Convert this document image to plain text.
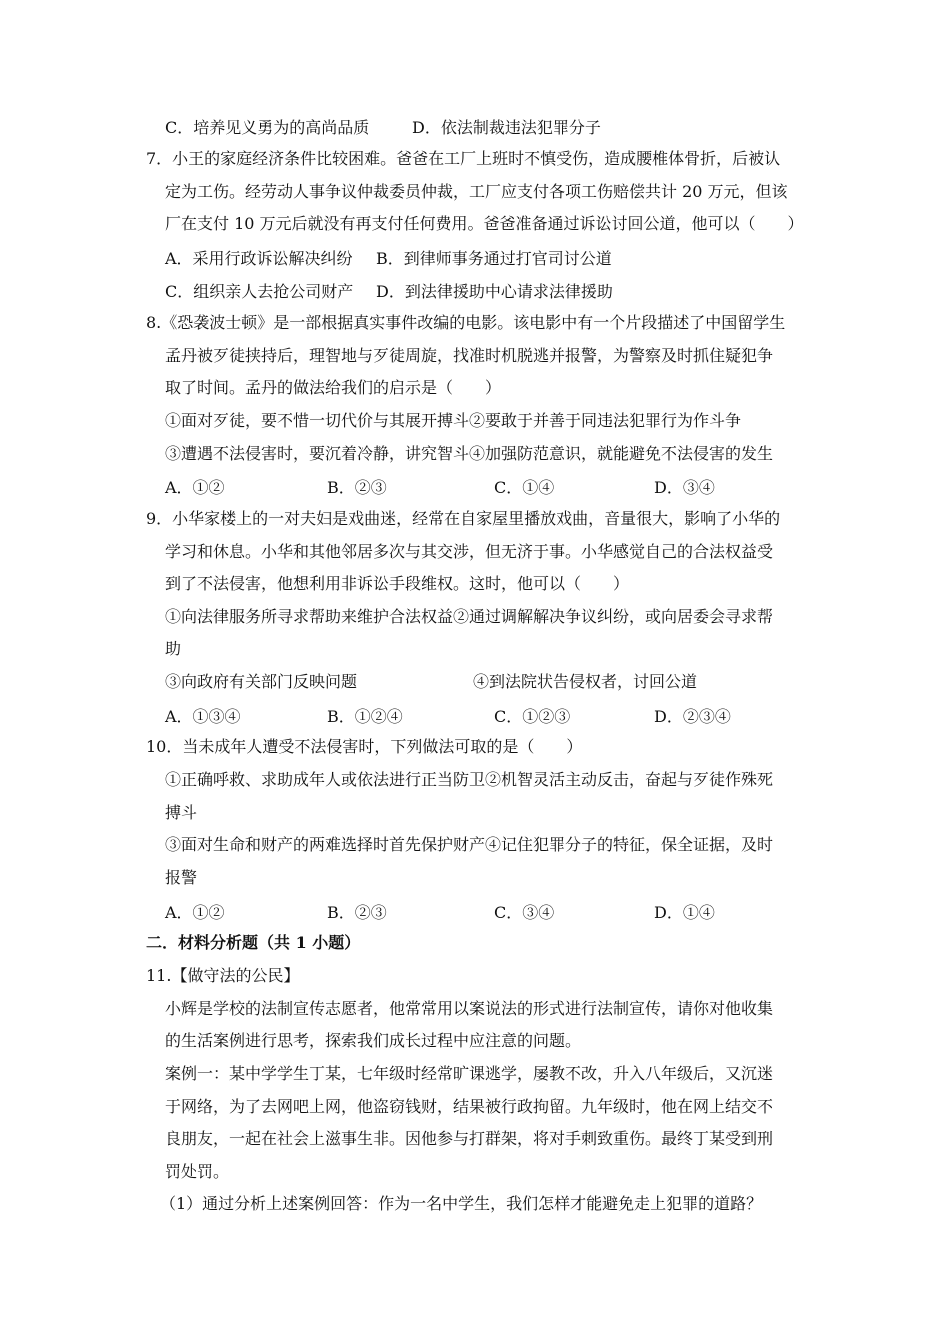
C．培养见义勇为的高尚品质	D．依法制裁违法犯罪分子
7．小王的家庭经济条件比较困难。爸爸在工厂上班时不慎受伤，造成腰椎体骨折，后被认
定为工伤。经劳动人事争议仲裁委员仲裁，工厂应支付各项工伤赔偿共计 20 万元，但该
厂在支付 10 万元后就没有再支付任何费用。爸爸准备通过诉讼讨回公道，他可以（　　）
A．采用行政诉讼解决纠纷 B．到律师事务通过打官司讨公道
C．组织亲人去抢公司财产 D．到法律援助中心请求法律援助
8.《恐袭波士顿》是一部根据真实事件改编的电影。该电影中有一个片段描述了中国留学生
孟丹被歹徒挟持后，理智地与歹徒周旋，找准时机脱逃并报警，为警察及时抓住疑犯争
取了时间。孟丹的做法给我们的启示是（　　）
①面对歹徒，要不惜一切代价与其展开搏斗②要敢于并善于同违法犯罪行为作斗争
③遭遇不法侵害时，要沉着冷静，讲究智斗④加强防范意识，就能避免不法侵害的发生
A．①②	B．②③	C．①④	D．③④
9．小华家楼上的一对夫妇是戏曲迷，经常在自家屋里播放戏曲，音量很大，影响了小华的
学习和休息。小华和其他邻居多次与其交涉，但无济于事。小华感觉自己的合法权益受
到了不法侵害，他想利用非诉讼手段维权。这时，他可以（　　）
①向法律服务所寻求帮助来维护合法权益②通过调解解决争议纠纷，或向居委会寻求帮
助
③向政府有关部门反映问题	④到法院状告侵权者，讨回公道
A．①③④	B．①②④	C．①②③	D．②③④
10．当未成年人遭受不法侵害时，下列做法可取的是（　　）
①正确呼救、求助成年人或依法进行正当防卫②机智灵活主动反击，奋起与歹徒作殊死
搏斗
③面对生命和财产的两难选择时首先保护财产④记住犯罪分子的特征，保全证据，及时
报警
A．①②	B．②③	C．③④	D．①④
二．材料分析题（共 1 小题）
11.【做守法的公民】
小辉是学校的法制宣传志愿者，他常常用以案说法的形式进行法制宣传，请你对他收集
的生活案例进行思考，探索我们成长过程中应注意的问题。
案例一：某中学学生丁某，七年级时经常旷课逃学，屡教不改，升入八年级后，又沉迷
于网络，为了去网吧上网，他盗窃钱财，结果被行政拘留。九年级时，他在网上结交不
良朋友，一起在社会上滋事生非。因他参与打群架，将对手刺致重伤。最终丁某受到刑
罚处罚。
（1）通过分析上述案例回答：作为一名中学生，我们怎样才能避免走上犯罪的道路？
